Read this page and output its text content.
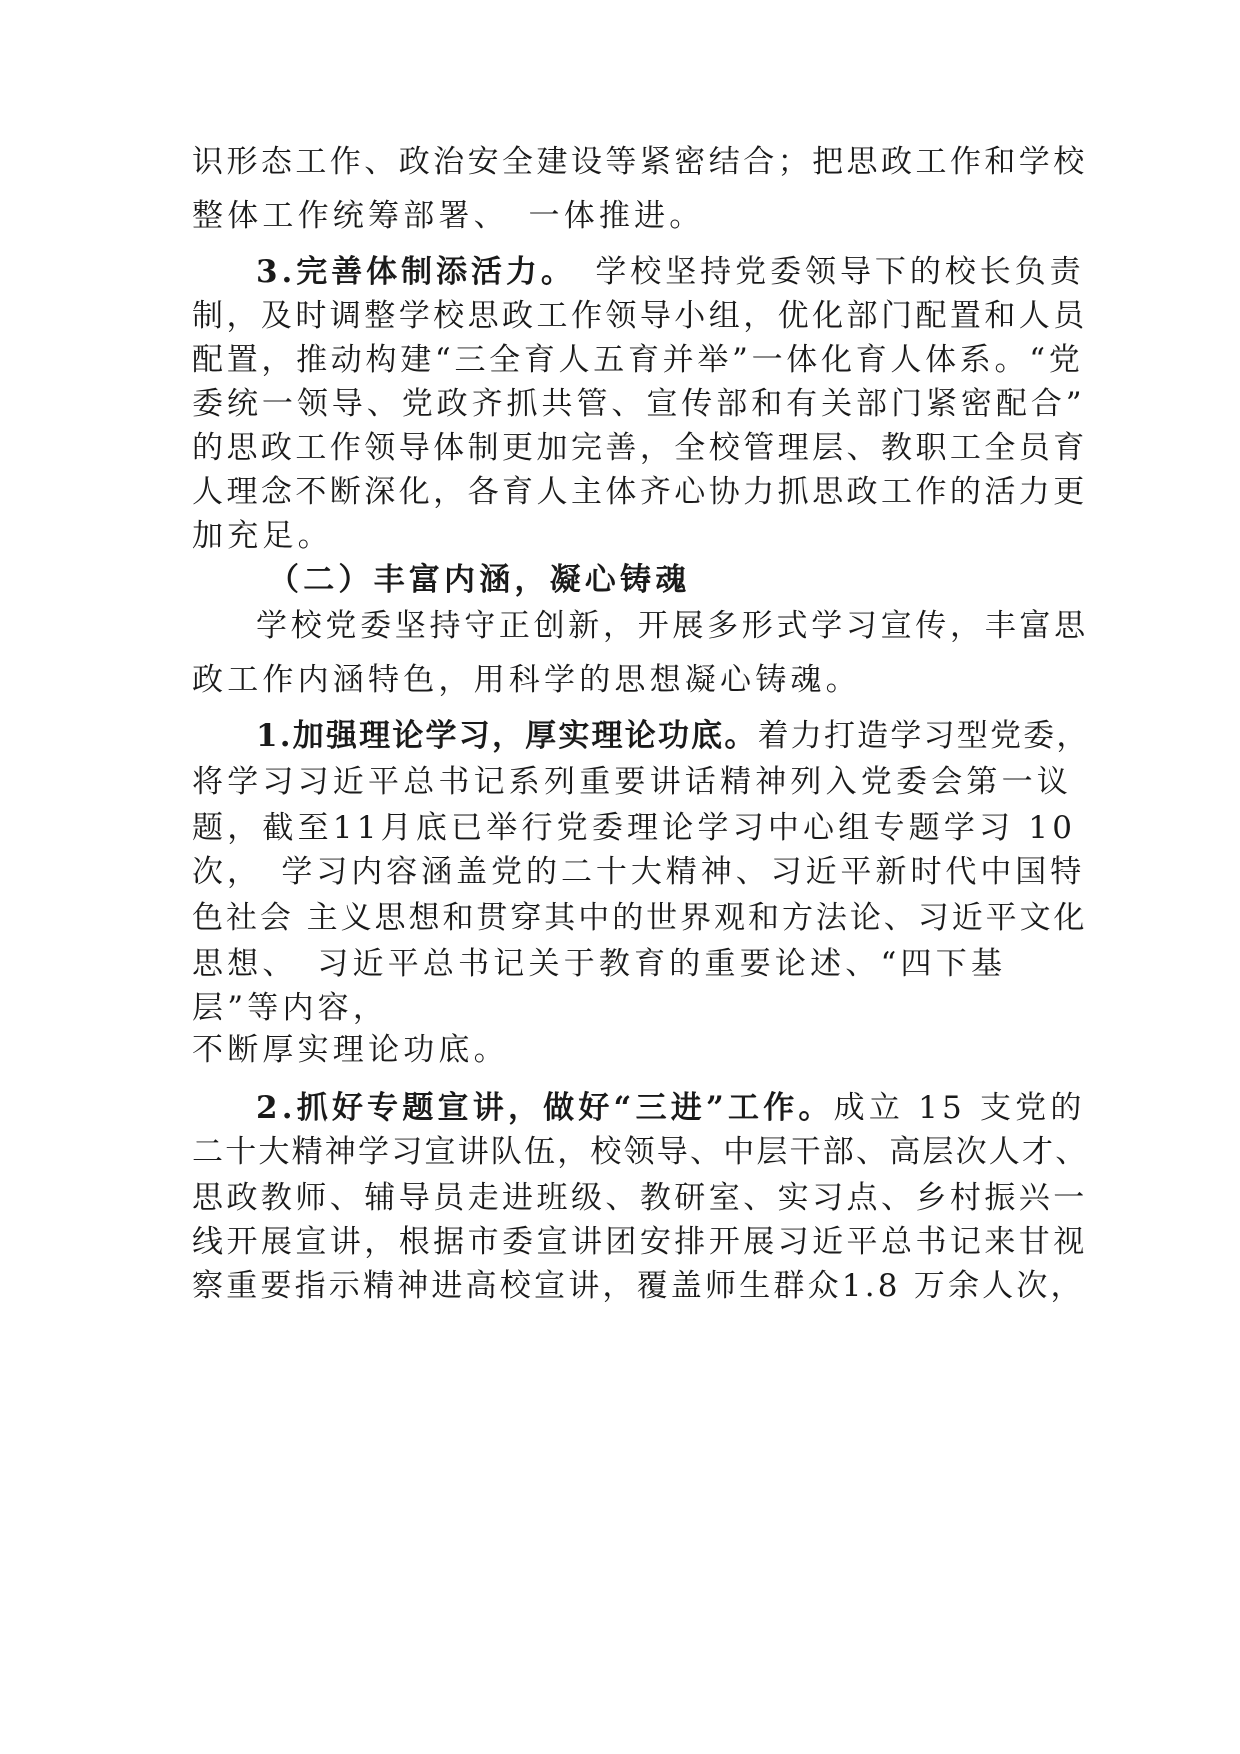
识形态工作、政治安全建设等紧密结合；把思政工作和学校
整体工作统筹部署、　一体推进。
3.完善体制添活力。　学校坚持党委领导下的校长负责
制，及时调整学校思政工作领导小组，优化部门配置和人员
配置，推动构建“三全育人五育并举”一体化育人体系。“党
委统一领导、党政齐抓共管、宣传部和有关部门紧密配合”
的思政工作领导体制更加完善，全校管理层、教职工全员育
人理念不断深化，各育人主体齐心协力抓思政工作的活力更
加充足。
（二）丰富内涵，凝心铸魂
学校党委坚持守正创新，开展多形式学习宣传，丰富思
政工作内涵特色，用科学的思想凝心铸魂。
1.加强理论学习，厚实理论功底。着力打造学习型党委，
将学习习近平总书记系列重要讲话精神列入党委会第一议
题，截至11月底已举行党委理论学习中心组专题学习 10
次，　学习内容涵盖党的二十大精神、习近平新时代中国特
色社会 主义思想和贯穿其中的世界观和方法论、习近平文化
思想、　习近平总书记关于教育的重要论述、“四下基
层”等内容，
不断厚实理论功底。
2.抓好专题宣讲，做好“三进”工作。成立 15 支党的
二十大精神学习宣讲队伍，校领导、中层干部、高层次人才、
思政教师、辅导员走进班级、教研室、实习点、乡村振兴一
线开展宣讲，根据市委宣讲团安排开展习近平总书记来甘视
察重要指示精神进高校宣讲，覆盖师生群众1.8 万余人次，
